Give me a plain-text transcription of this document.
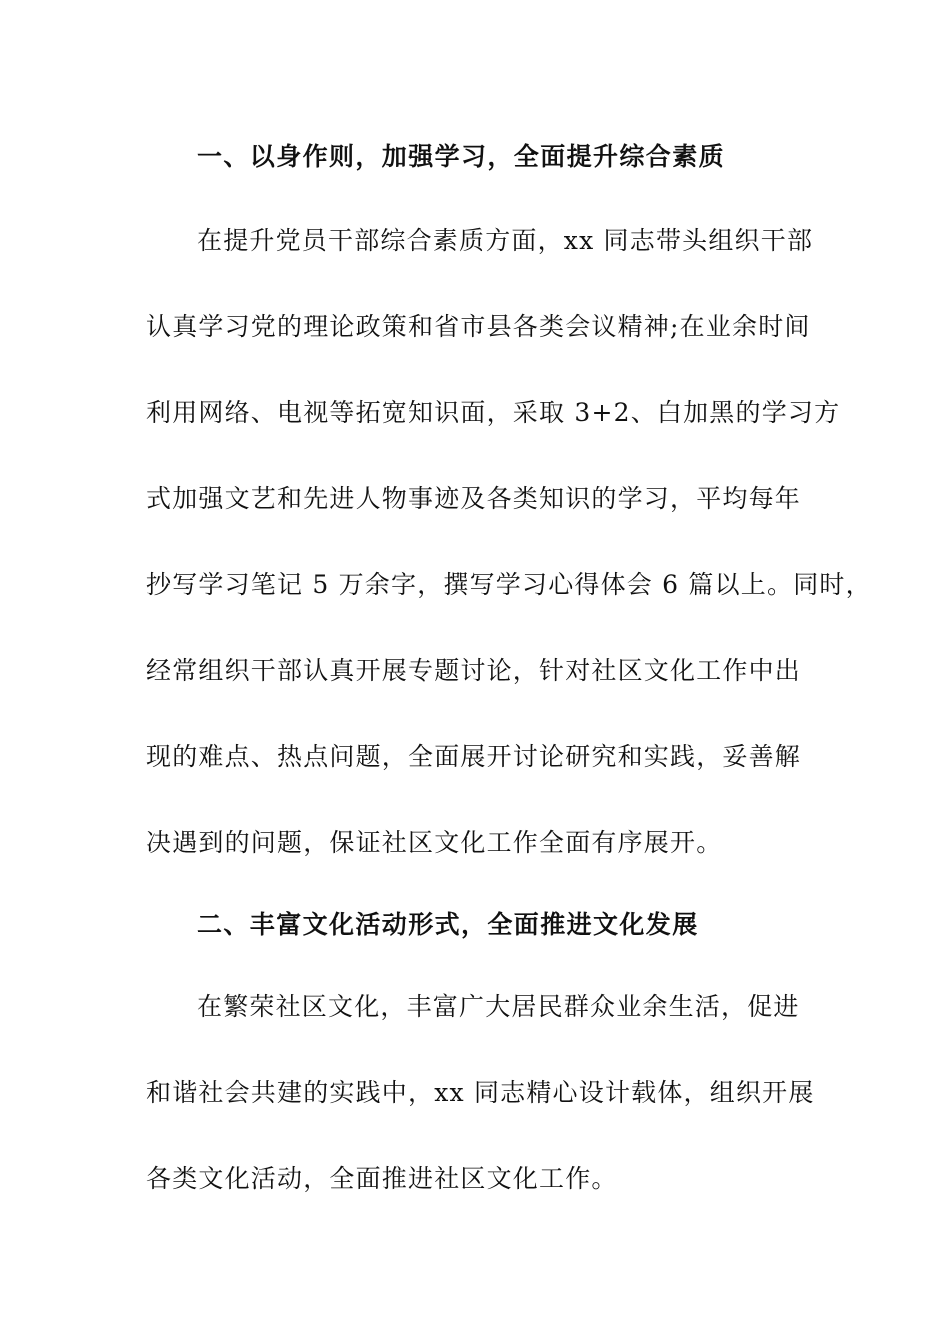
一、以身作则，加强学习，全面提升综合素质
在提升党员干部综合素质方面，xx 同志带头组织干部
认真学习党的理论政策和省市县各类会议精神;在业余时间
利用网络、电视等拓宽知识面，采取 3+2、白加黑的学习方
式加强文艺和先进人物事迹及各类知识的学习，平均每年
抄写学习笔记 5 万余字，撰写学习心得体会 6 篇以上。同时，
经常组织干部认真开展专题讨论，针对社区文化工作中出
现的难点、热点问题，全面展开讨论研究和实践，妥善解
决遇到的问题，保证社区文化工作全面有序展开。
二、丰富文化活动形式，全面推进文化发展
在繁荣社区文化，丰富广大居民群众业余生活，促进
和谐社会共建的实践中，xx 同志精心设计载体，组织开展
各类文化活动，全面推进社区文化工作。
